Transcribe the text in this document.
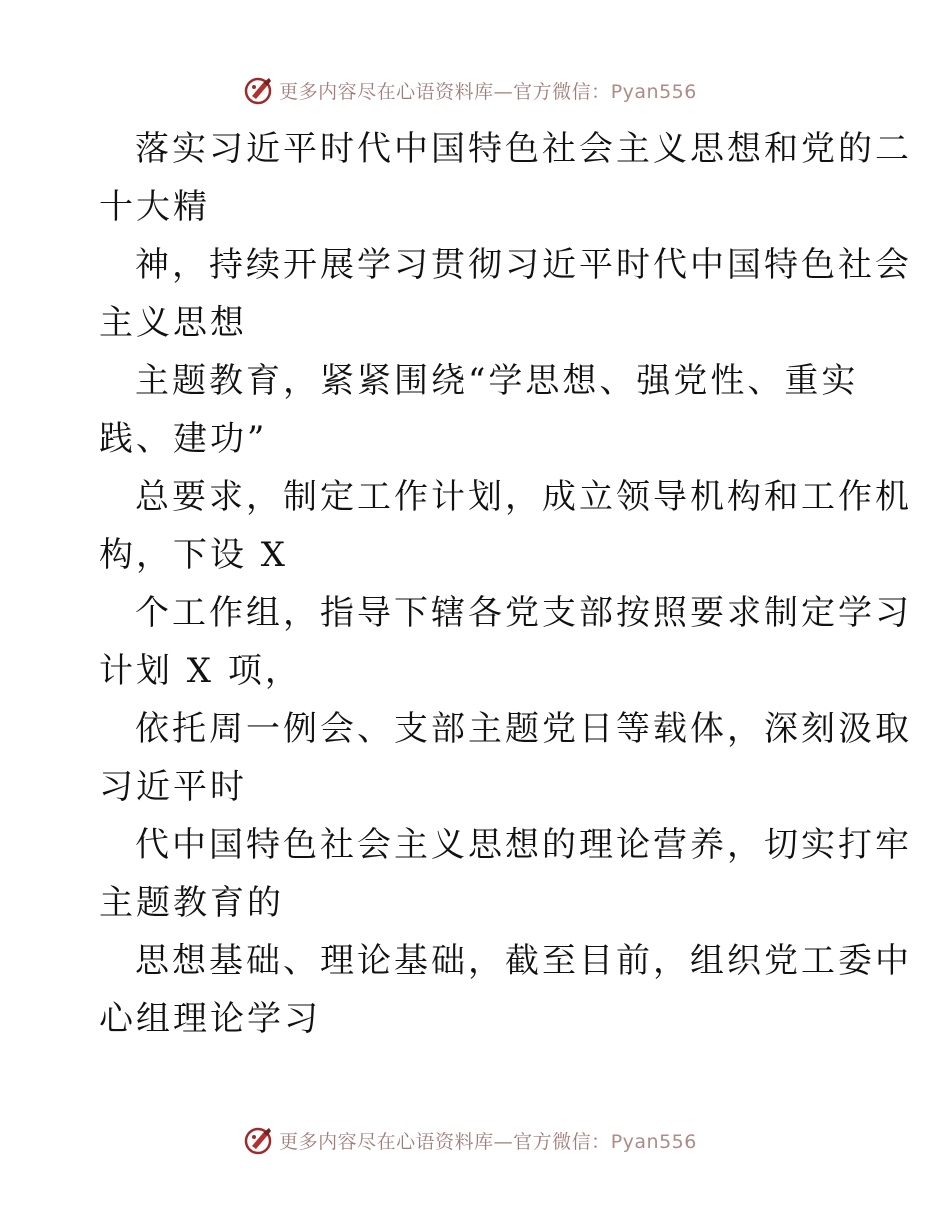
更多内容尽在心语资料库—官方微信：Pyan556

落实习近平时代中国特色社会主义思想和党的二
十大精

神，持续开展学习贯彻习近平时代中国特色社会
主义思想

主题教育，紧紧围绕“学思想、强党性、重实
践、建功”

总要求，制定工作计划，成立领导机构和工作机
构，下设 X

个工作组，指导下辖各党支部按照要求制定学习
计划 X 项，

依托周一例会、支部主题党日等载体，深刻汲取
习近平时

代中国特色社会主义思想的理论营养，切实打牢
主题教育的

思想基础、理论基础，截至目前，组织党工委中
心组理论学习

更多内容尽在心语资料库—官方微信：Pyan556
